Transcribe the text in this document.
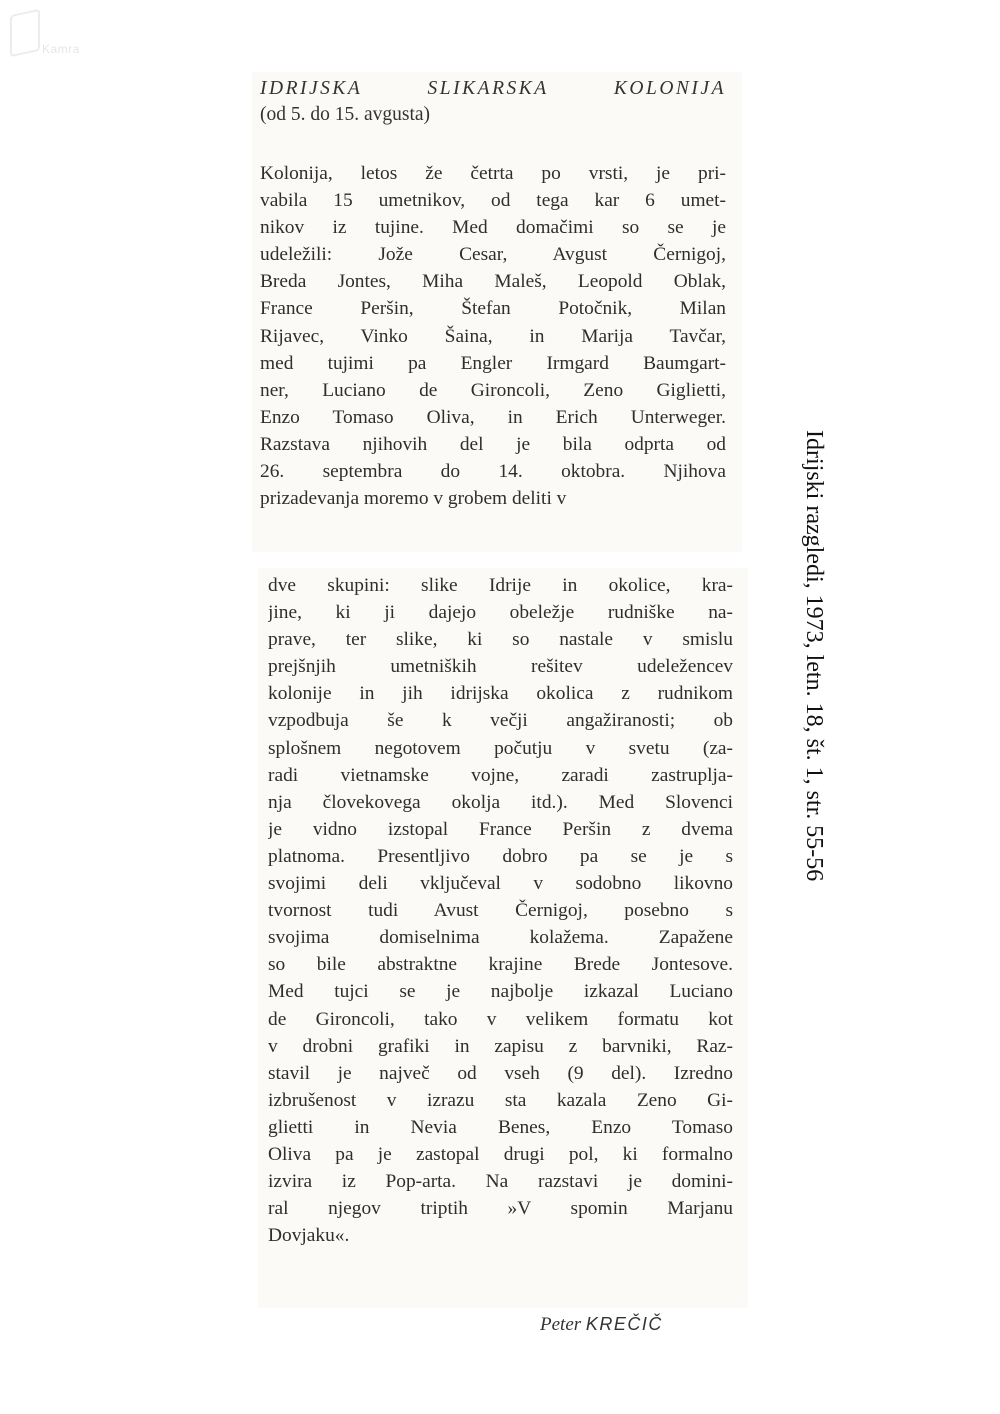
Kamra
IDRIJSKA SLIKARSKA KOLONIJA
(od 5. do 15. avgusta)
Kolonija, letos že četrta po vrsti, je pri-
vabila 15 umetnikov, od tega kar 6 umet-
nikov iz tujine. Med domačimi so se je
udeležili: Jože Cesar, Avgust Černigoj,
Breda Jontes, Miha Maleš, Leopold Oblak,
France Peršin, Štefan Potočnik, Milan
Rijavec, Vinko Šaina, in Marija Tavčar,
med tujimi pa Engler Irmgard Baumgart-
ner, Luciano de Gironcoli, Zeno Giglietti,
Enzo Tomaso Oliva, in Erich Unterweger.
Razstava njihovih del je bila odprta od
26. septembra do 14. oktobra. Njihova
prizadevanja moremo v grobem deliti v
dve skupini: slike Idrije in okolice, kra-
jine, ki ji dajejo obeležje rudniške na-
prave, ter slike, ki so nastale v smislu
prejšnjih umetniških rešitev udeležencev
kolonije in jih idrijska okolica z rudnikom
vzpodbuja še k večji angažiranosti; ob
splošnem negotovem počutju v svetu (za-
radi vietnamske vojne, zaradi zastruplja-
nja človekovega okolja itd.). Med Slovenci
je vidno izstopal France Peršin z dvema
platnoma. Presentljivo dobro pa se je s
svojimi deli vključeval v sodobno likovno
tvornost tudi Avust Černigoj, posebno s
svojima domiselnima kolažema. Zapažene
so bile abstraktne krajine Brede Jontesove.
Med tujci se je najbolje izkazal Luciano
de Gironcoli, tako v velikem formatu kot
v drobni grafiki in zapisu z barvniki, Raz-
stavil je največ od vseh (9 del). Izredno
izbrušenost v izrazu sta kazala Zeno Gi-
glietti in Nevia Benes, Enzo Tomaso
Oliva pa je zastopal drugi pol, ki formalno
izvira iz Pop-arta. Na razstavi je domini-
ral njegov triptih »V spomin Marjanu
Dovjaku«.
Peter KREČIČ
Idrijski razgledi, 1973, letn. 18, št. 1, str. 55-56
